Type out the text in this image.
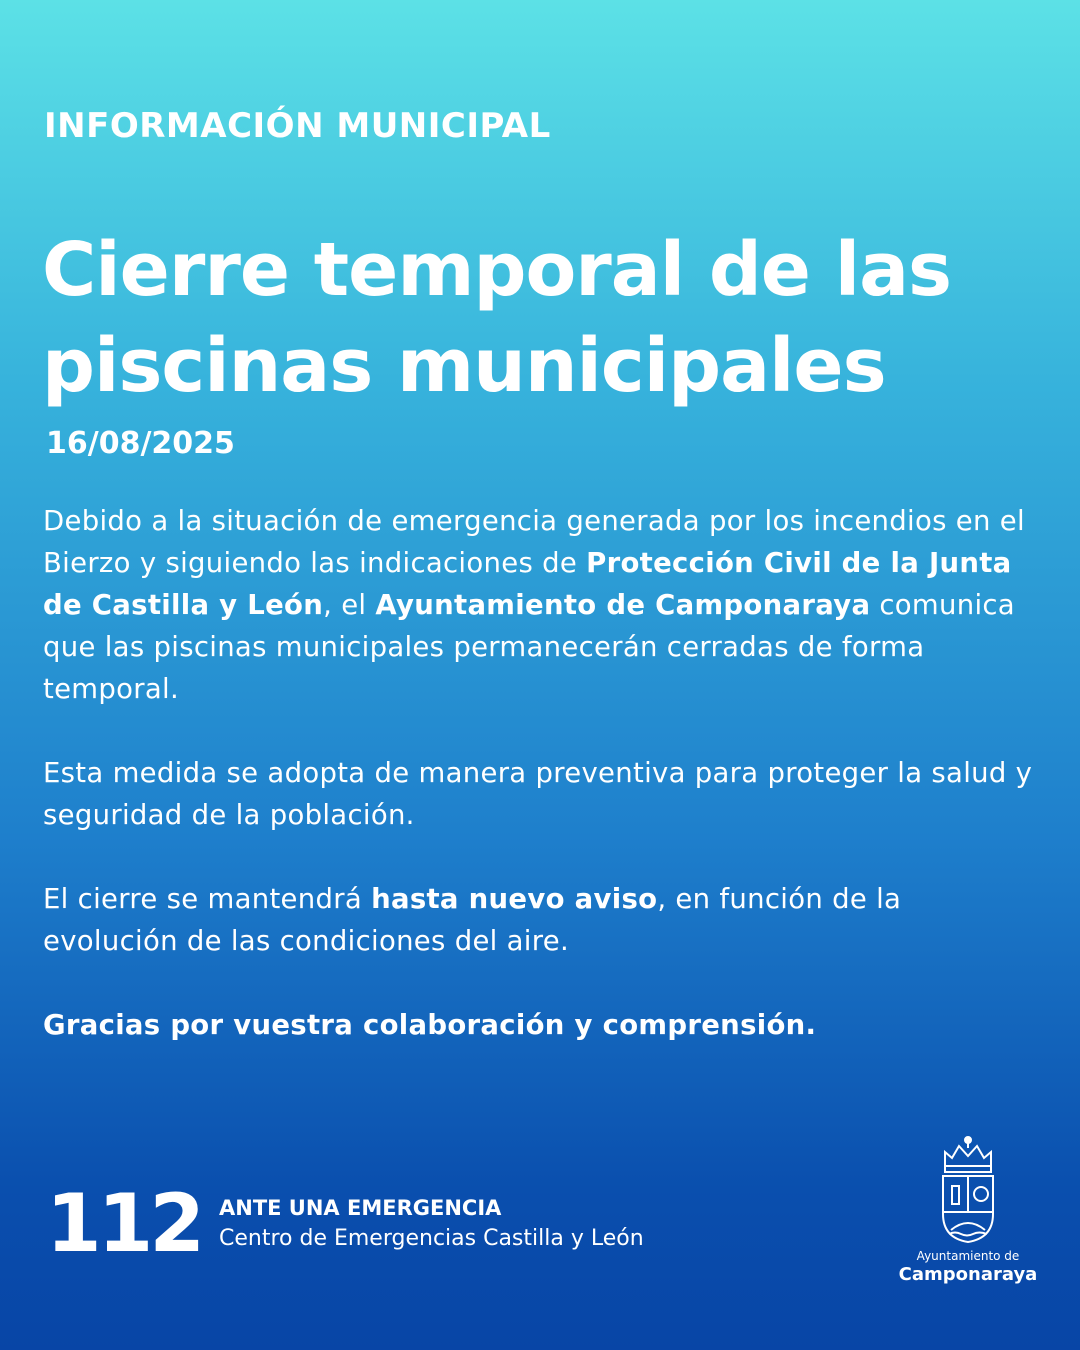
INFORMACIÓN MUNICIPAL
Cierre temporal de las piscinas municipales
16/08/2025

Debido a la situación de emergencia generada por los incendios en el Bierzo y siguiendo las indicaciones de Protección Civil de la Junta de Castilla y León, el Ayuntamiento de Camponaraya comunica que las piscinas municipales permanecerán cerradas de forma temporal.

Esta medida se adopta de manera preventiva para proteger la salud y seguridad de la población.

El cierre se mantendrá hasta nuevo aviso, en función de la evolución de las condiciones del aire.

Gracias por vuestra colaboración y comprensión.

112 ANTE UNA EMERGENCIA
Centro de Emergencias Castilla y León
Ayuntamiento de
Camponaraya
